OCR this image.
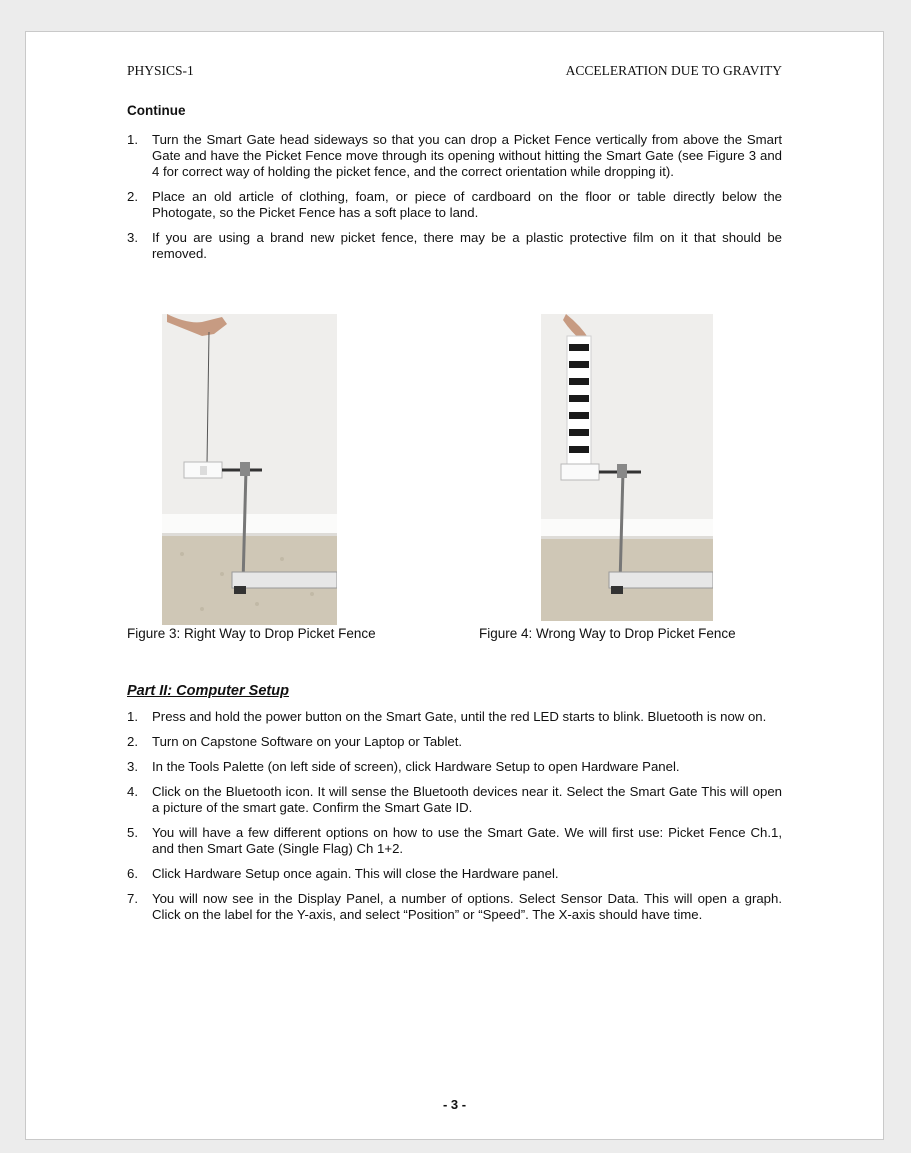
PHYSICS-1	ACCELERATION DUE TO GRAVITY
Continue
1.	Turn the Smart Gate head sideways so that you can drop a Picket Fence vertically from above the Smart Gate and have the Picket Fence move through its opening without hitting the Smart Gate (see Figure 3 and 4 for correct way of holding the picket fence, and the correct orientation while dropping it).
2.	Place an old article of clothing, foam, or piece of cardboard on the floor or table directly below the Photogate, so the Picket Fence has a soft place to land.
3.	If you are using a brand new picket fence, there may be a plastic protective film on it that should be removed.
Figure 3: Right Way to Drop Picket Fence	Figure 4: Wrong Way to Drop Picket Fence
Part II: Computer Setup
1.	Press and hold the power button on the Smart Gate, until the red LED starts to blink. Bluetooth is now on.
2.	Turn on Capstone Software on your Laptop or Tablet.
3.	In the Tools Palette (on left side of screen), click Hardware Setup to open Hardware Panel.
4.	Click on the Bluetooth icon. It will sense the Bluetooth devices near it. Select the Smart Gate This will open a picture of the smart gate. Confirm the Smart Gate ID.
5.	You will have a few different options on how to use the Smart Gate. We will first use: Picket Fence Ch.1, and then Smart Gate (Single Flag) Ch 1+2.
6.	Click Hardware Setup once again. This will close the Hardware panel.
7.	You will now see in the Display Panel, a number of options. Select Sensor Data. This will open a graph. Click on the label for the Y-axis, and select “Position” or “Speed”. The X-axis should have time.
- 3 -
